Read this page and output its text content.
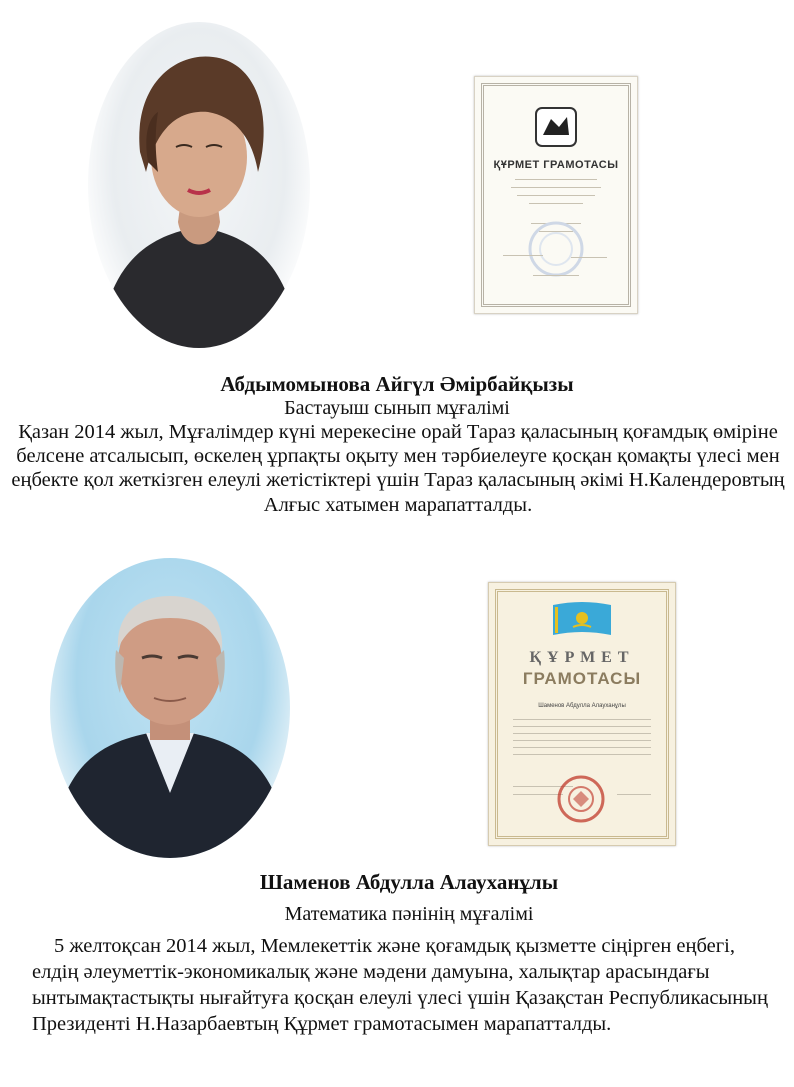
ҚҰРМЕТ ГРАМОТАСЫ
Абдымомынова Айгүл Әмірбайқызы
Бастауыш сынып мұғалімі
Қазан 2014 жыл, Мұғалімдер күні мерекесіне орай Тараз қаласының қоғамдық өміріне белсене атсалысып, өскелең ұрпақты оқыту мен тәрбиелеуге қосқан қомақты үлесі мен еңбекте қол жеткізген елеулі жетістіктері үшін Тараз қаласының әкімі Н.Календеровтың Алғыс хатымен марапатталды.
ҚҰРМЕТ
ГРАМОТАСЫ
Шаменов Абдулла Алауханұлы
Шаменов Абдулла Алауханұлы
Математика пәнінің мұғалімі
5 желтоқсан 2014 жыл, Мемлекеттік және қоғамдық қызметте сіңірген еңбегі, елдің әлеуметтік-экономикалық және мәдени дамуына, халықтар арасындағы ынтымақтастықты нығайтуға қосқан елеулі үлесі үшін Қазақстан Республикасының Президенті Н.Назарбаевтың Құрмет грамотасымен марапатталды.
